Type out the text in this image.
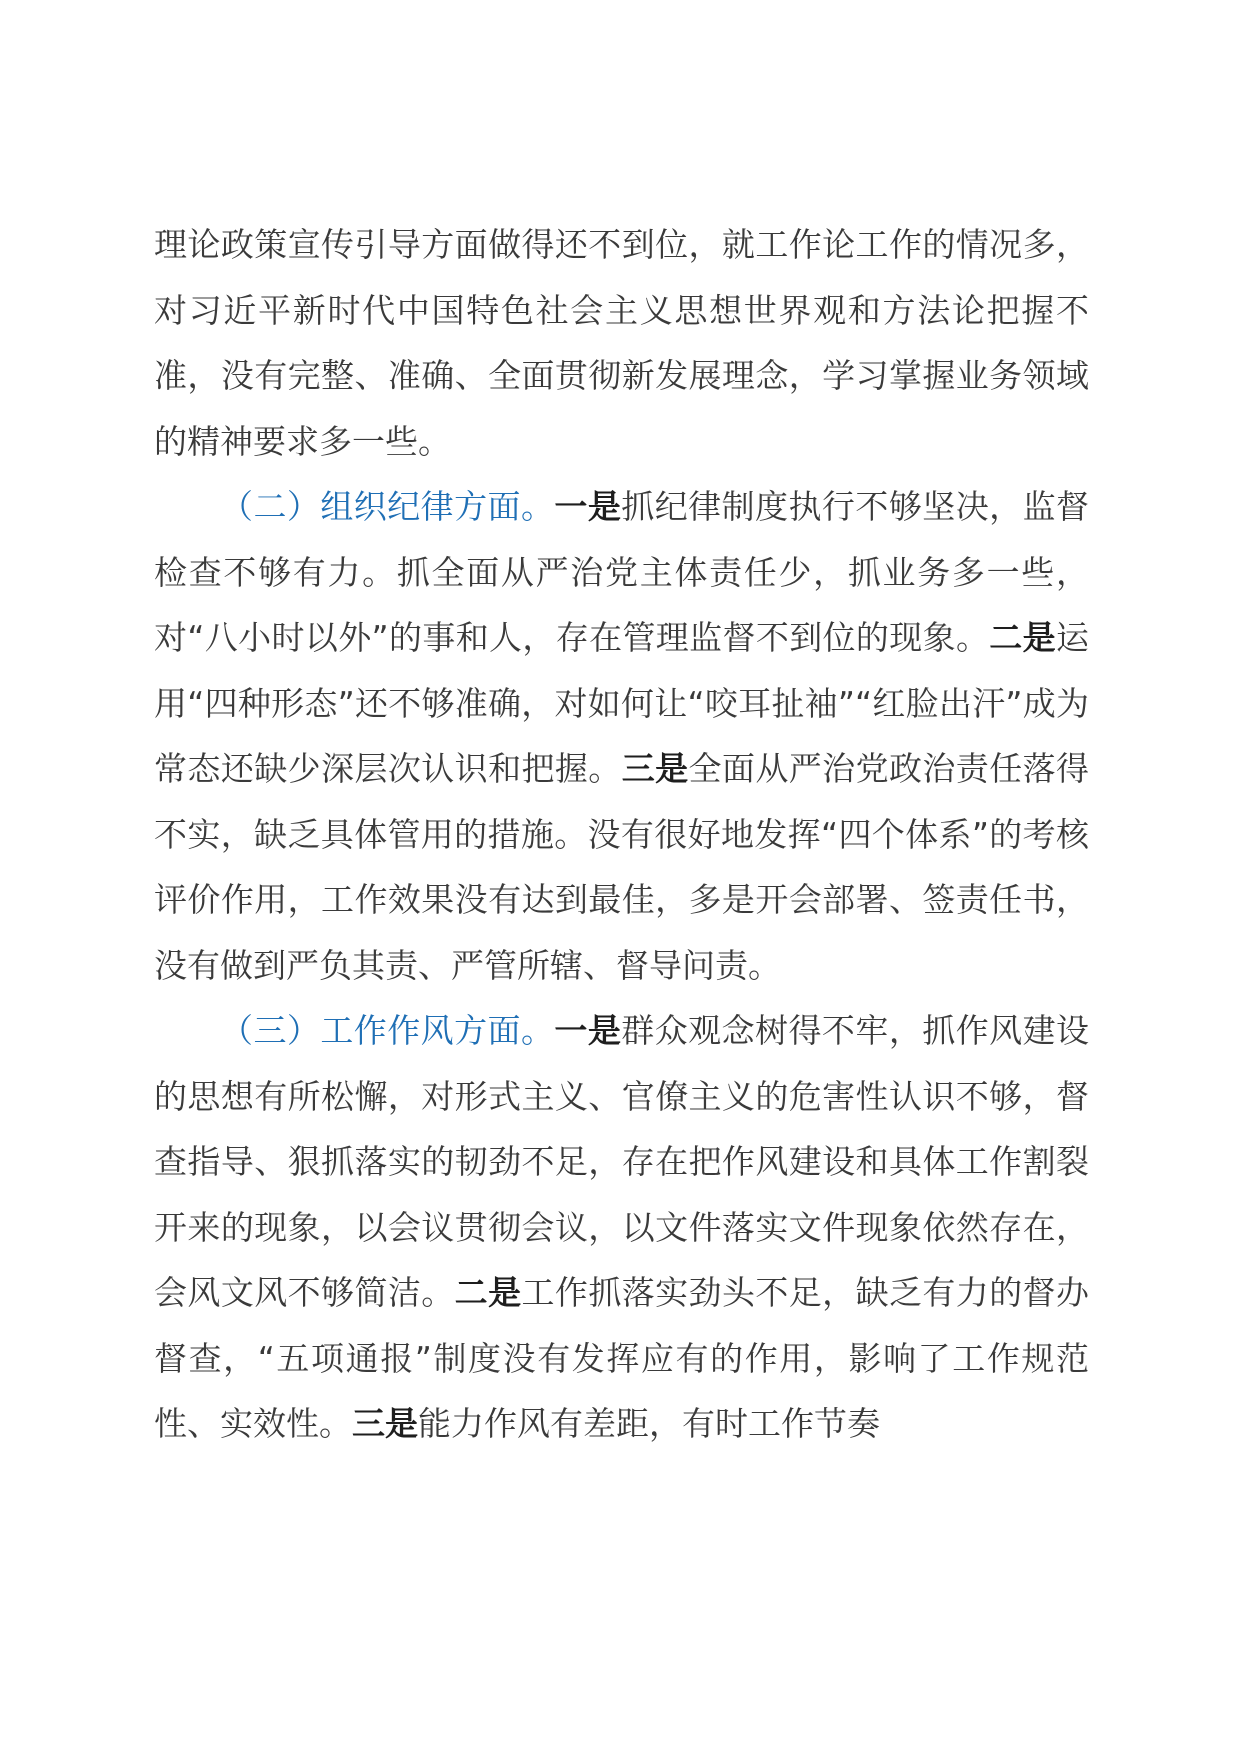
理论政策宣传引导方面做得还不到位，就工作论工作的情况多，对习近平新时代中国特色社会主义思想世界观和方法论把握不准，没有完整、准确、全面贯彻新发展理念，学习掌握业务领域的精神要求多一些。

（二）组织纪律方面。一是抓纪律制度执行不够坚决，监督检查不够有力。抓全面从严治党主体责任少，抓业务多一些，对“八小时以外”的事和人，存在管理监督不到位的现象。二是运用“四种形态”还不够准确，对如何让“咬耳扯袖”“红脸出汗”成为常态还缺少深层次认识和把握。三是全面从严治党政治责任落得不实，缺乏具体管用的措施。没有很好地发挥“四个体系”的考核评价作用，工作效果没有达到最佳，多是开会部署、签责任书，没有做到严负其责、严管所辖、督导问责。

（三）工作作风方面。一是群众观念树得不牢，抓作风建设的思想有所松懈，对形式主义、官僚主义的危害性认识不够，督查指导、狠抓落实的韧劲不足，存在把作风建设和具体工作割裂开来的现象，以会议贯彻会议，以文件落实文件现象依然存在，会风文风不够简洁。二是工作抓落实劲头不足，缺乏有力的督办督查，“五项通报”制度没有发挥应有的作用，影响了工作规范性、实效性。三是能力作风有差距，有时工作节奏
